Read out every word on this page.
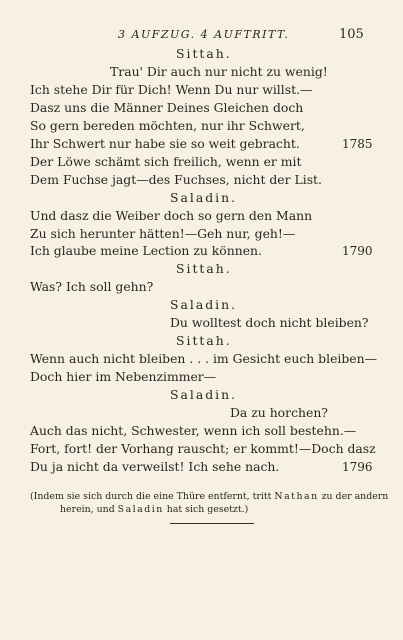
3 AUFZUG. 4 AUFTRITT.	105
Sittah.
Trau' Dir auch nur nicht zu wenig!
Ich stehe Dir für Dich! Wenn Du nur willst.—
Dasz uns die Männer Deines Gleichen doch
So gern bereden möchten, nur ihr Schwert,
Ihr Schwert nur habe sie so weit gebracht.	1785
Der Löwe schämt sich freilich, wenn er mit
Dem Fuchse jagt—des Fuchses, nicht der List.
Saladin.
Und dasz die Weiber doch so gern den Mann
Zu sich herunter hätten!—Geh nur, geh!—
Ich glaube meine Lection zu können.	1790
Sittah.
Was? Ich soll gehn?
Saladin.
Du wolltest doch nicht bleiben?
Sittah.
Wenn auch nicht bleiben . . . im Gesicht euch bleiben—
Doch hier im Nebenzimmer—
Saladin.
Da zu horchen?
Auch das nicht, Schwester, wenn ich soll bestehn.—
Fort, fort! der Vorhang rauscht; er kommt!—Doch dasz
Du ja nicht da verweilst! Ich sehe nach.	1796
(Indem sie sich durch die eine Thüre entfernt, tritt Nathan zu der andern
herein, und Saladin hat sich gesetzt.)
